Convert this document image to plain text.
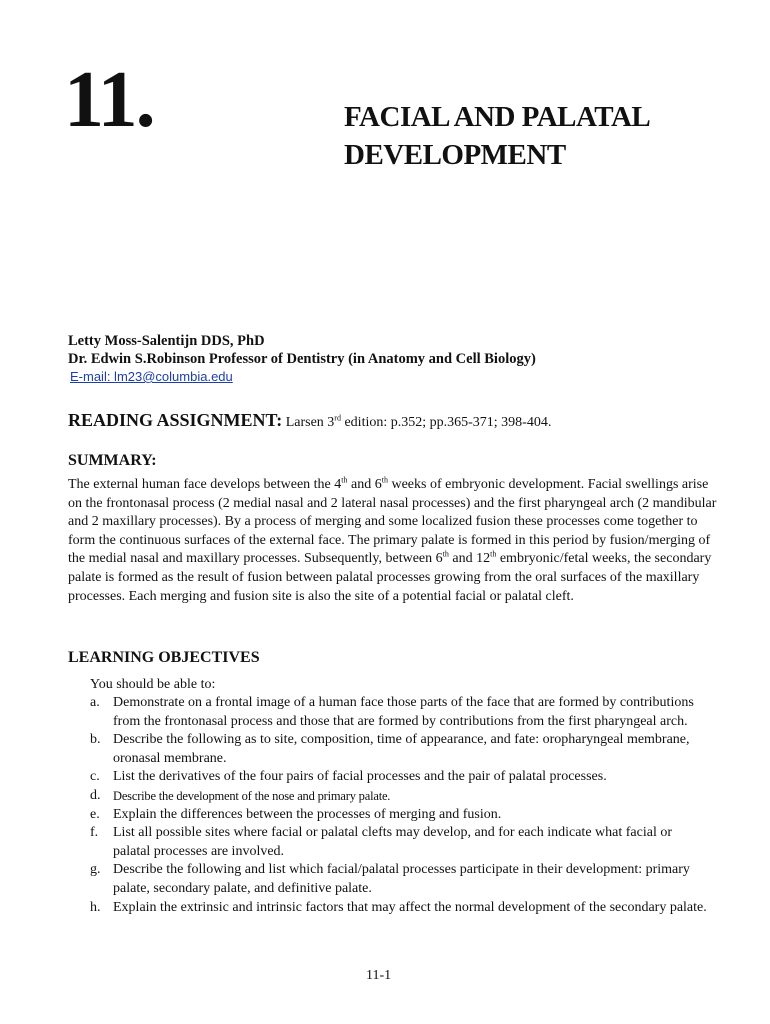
11.	FACIAL AND PALATAL
DEVELOPMENT
Letty Moss-Salentijn DDS, PhD
Dr. Edwin S.Robinson Professor of Dentistry (in Anatomy and Cell Biology)
E-mail: lm23@columbia.edu
READING ASSIGNMENT: Larsen 3rd edition: p.352; pp.365-371; 398-404.
SUMMARY:
The external human face develops between the 4th and 6th weeks of embryonic development. Facial swellings arise on the frontonasal process (2 medial nasal and 2 lateral nasal processes) and the first pharyngeal arch (2 mandibular and 2 maxillary processes). By a process of merging and some localized fusion these processes come together to form the continuous surfaces of the external face. The primary palate is formed in this period by fusion/merging of the medial nasal and maxillary processes. Subsequently, between 6th and 12th embryonic/fetal weeks, the secondary palate is formed as the result of fusion between palatal processes growing from the oral surfaces of the maxillary processes. Each merging and fusion site is also the site of a potential facial or palatal cleft.
LEARNING OBJECTIVES
You should be able to:
a. Demonstrate on a frontal image of a human face those parts of the face that are formed by contributions from the frontonasal process and those that are formed by contributions from the first pharyngeal arch.
b. Describe the following as to site, composition, time of appearance, and fate: oropharyngeal membrane, oronasal membrane.
c. List the derivatives of the four pairs of facial processes and the pair of palatal processes.
d.	Describe the development of the nose and primary palate.
e. Explain the differences between the processes of merging and fusion.
f.	List all possible sites where facial or palatal clefts may develop, and for each indicate what facial or palatal processes are involved.
g. Describe the following and list which facial/palatal processes participate in their development: primary palate, secondary palate, and definitive palate.
h. Explain the extrinsic and intrinsic factors that may affect the normal development of the secondary palate.
11-1
